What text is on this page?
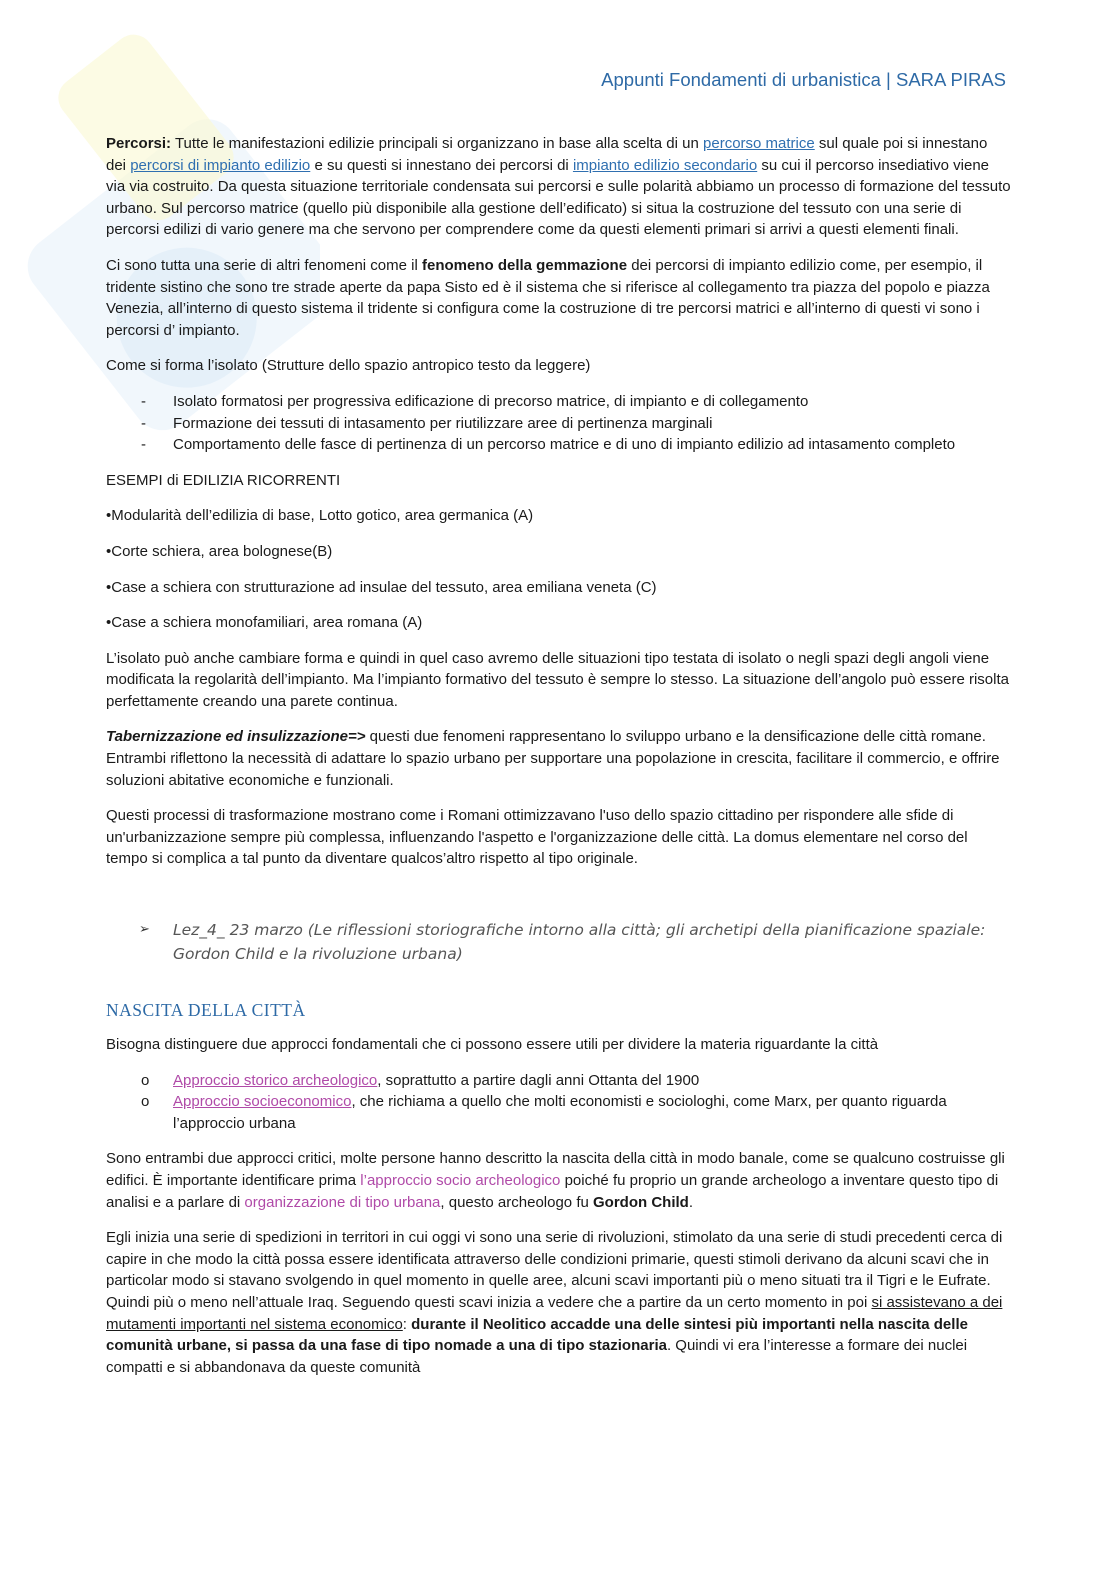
Appunti Fondamenti di urbanistica | SARA PIRAS

Percorsi: Tutte le manifestazioni edilizie principali si organizzano in base alla scelta di un percorso matrice sul quale poi si innestano dei percorsi di impianto edilizio e su questi si innestano dei percorsi di impianto edilizio secondario su cui il percorso insediativo viene via via costruito. Da questa situazione territoriale condensata sui percorsi e sulle polarità abbiamo un processo di formazione del tessuto urbano. Sul percorso matrice (quello più disponibile alla gestione dell’edificato) si situa la costruzione del tessuto con una serie di percorsi edilizi di vario genere ma che servono per comprendere come da questi elementi primari si arrivi a questi elementi finali.

Ci sono tutta una serie di altri fenomeni come il fenomeno della gemmazione dei percorsi di impianto edilizio come, per esempio, il tridente sistino che sono tre strade aperte da papa Sisto ed è il sistema che si riferisce al collegamento tra piazza del popolo e piazza Venezia, all’interno di questo sistema il tridente si configura come la costruzione di tre percorsi matrici e all’interno di questi vi sono i percorsi d’ impianto.

Come si forma l’isolato (Strutture dello spazio antropico testo da leggere)

- Isolato formatosi per progressiva edificazione di precorso matrice, di impianto e di collegamento
- Formazione dei tessuti di intasamento per riutilizzare aree di pertinenza marginali
- Comportamento delle fasce di pertinenza di un percorso matrice e di uno di impianto edilizio ad intasamento completo

ESEMPI di EDILIZIA RICORRENTI

•Modularità dell’edilizia di base, Lotto gotico, area germanica (A)

•Corte schiera, area bolognese(B)

•Case a schiera con strutturazione ad insulae del tessuto, area emiliana veneta (C)

•Case a schiera monofamiliari, area romana (A)

L’isolato può anche cambiare forma e quindi in quel caso avremo delle situazioni tipo testata di isolato o negli spazi degli angoli viene modificata la regolarità dell’impianto. Ma l’impianto formativo del tessuto è sempre lo stesso. La situazione dell’angolo può essere risolta perfettamente creando una parete continua.

Tabernizzazione ed insulizzazione=> questi due fenomeni rappresentano lo sviluppo urbano e la densificazione delle città romane. Entrambi riflettono la necessità di adattare lo spazio urbano per supportare una popolazione in crescita, facilitare il commercio, e offrire soluzioni abitative economiche e funzionali.

Questi processi di trasformazione mostrano come i Romani ottimizzavano l'uso dello spazio cittadino per rispondere alle sfide di un'urbanizzazione sempre più complessa, influenzando l'aspetto e l'organizzazione delle città. La domus elementare nel corso del tempo si complica a tal punto da diventare qualcos’altro rispetto al tipo originale.

➢ Lez_4_ 23 marzo (Le riflessioni storiografiche intorno alla città; gli archetipi della pianificazione spaziale: Gordon Child e la rivoluzione urbana)
NASCITA DELLA CITTÀ

Bisogna distinguere due approcci fondamentali che ci possono essere utili per dividere la materia riguardante la città

o Approccio storico archeologico, soprattutto a partire dagli anni Ottanta del 1900
o Approccio socioeconomico, che richiama a quello che molti economisti e sociologhi, come Marx, per quanto riguarda l’approccio urbana

Sono entrambi due approcci critici, molte persone hanno descritto la nascita della città in modo banale, come se qualcuno costruisse gli edifici. È importante identificare prima l’approccio socio archeologico poiché fu proprio un grande archeologo a inventare questo tipo di analisi e a parlare di organizzazione di tipo urbana, questo archeologo fu Gordon Child.

Egli inizia una serie di spedizioni in territori in cui oggi vi sono una serie di rivoluzioni, stimolato da una serie di studi precedenti cerca di capire in che modo la città possa essere identificata attraverso delle condizioni primarie, questi stimoli derivano da alcuni scavi che in particolar modo si stavano svolgendo in quel momento in quelle aree, alcuni scavi importanti più o meno situati tra il Tigri e le Eufrate. Quindi più o meno nell’attuale Iraq. Seguendo questi scavi inizia a vedere che a partire da un certo momento in poi si assistevano a dei mutamenti importanti nel sistema economico: durante il Neolitico accadde una delle sintesi più importanti nella nascita delle comunità urbane, si passa da una fase di tipo nomade a una di tipo stazionaria. Quindi vi era l’interesse a formare dei nuclei compatti e si abbandonava da queste comunità
